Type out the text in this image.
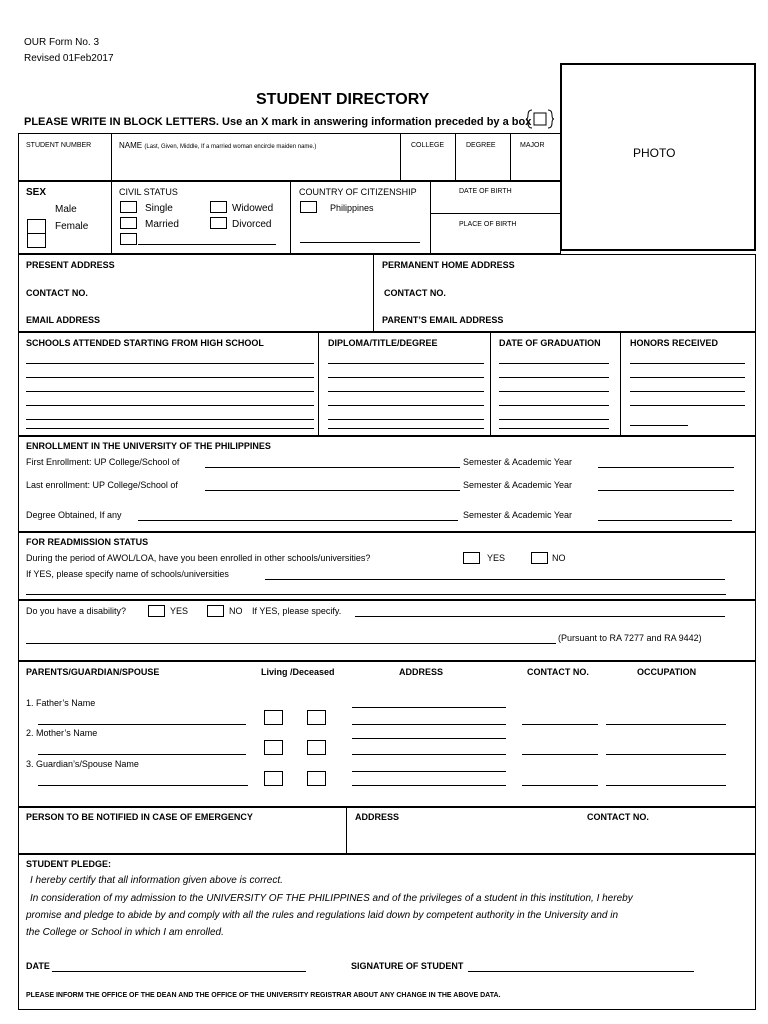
OUR Form No. 3
Revised 01Feb2017
STUDENT DIRECTORY
PLEASE WRITE IN BLOCK LETTERS. Use an X mark in answering information preceded by a box
PHOTO
STUDENT NUMBER	NAME (Last, Given, Middle, If a married woman encircle maiden name.)	COLLEGE	DEGREE	MAJOR
SEX
Male
Female
CIVIL STATUS
Single	Widowed
Married	Divorced
COUNTRY OF CITIZENSHIP
Philippines
DATE OF BIRTH
PLACE OF BIRTH
PRESENT ADDRESS	PERMANENT HOME ADDRESS
CONTACT NO.	CONTACT NO.
EMAIL ADDRESS	PARENT’S EMAIL ADDRESS
SCHOOLS ATTENDED STARTING FROM HIGH SCHOOL	DIPLOMA/TITLE/DEGREE	DATE OF GRADUATION	HONORS RECEIVED
ENROLLMENT IN THE UNIVERSITY OF THE PHILIPPINES
First Enrollment: UP College/School of	Semester & Academic Year
Last enrollment: UP College/School of	Semester & Academic Year
Degree Obtained, If any	Semester & Academic Year
FOR READMISSION STATUS
During the period of AWOL/LOA, have you been enrolled in other schools/universities?	YES	NO
If YES, please specify name of schools/universities
Do you have a disability?	YES	NO If YES, please specify.
(Pursuant to RA 7277 and RA 9442)
PARENTS/GUARDIAN/SPOUSE	Living /Deceased	ADDRESS	CONTACT NO.	OCCUPATION
1. Father’s Name
2. Mother’s Name
3. Guardian’s/Spouse Name
PERSON TO BE NOTIFIED IN CASE OF EMERGENCY	ADDRESS	CONTACT NO.
STUDENT PLEDGE:
I hereby certify that all information given above is correct.
In consideration of my admission to the UNIVERSITY OF THE PHILIPPINES and of the privileges of a student in this institution, I hereby
promise and pledge to abide by and comply with all the rules and regulations laid down by competent authority in the University and in
the College or School in which I am enrolled.
DATE	SIGNATURE OF STUDENT
PLEASE INFORM THE OFFICE OF THE DEAN AND THE OFFICE OF THE UNIVERSITY REGISTRAR ABOUT ANY CHANGE IN THE ABOVE DATA.
